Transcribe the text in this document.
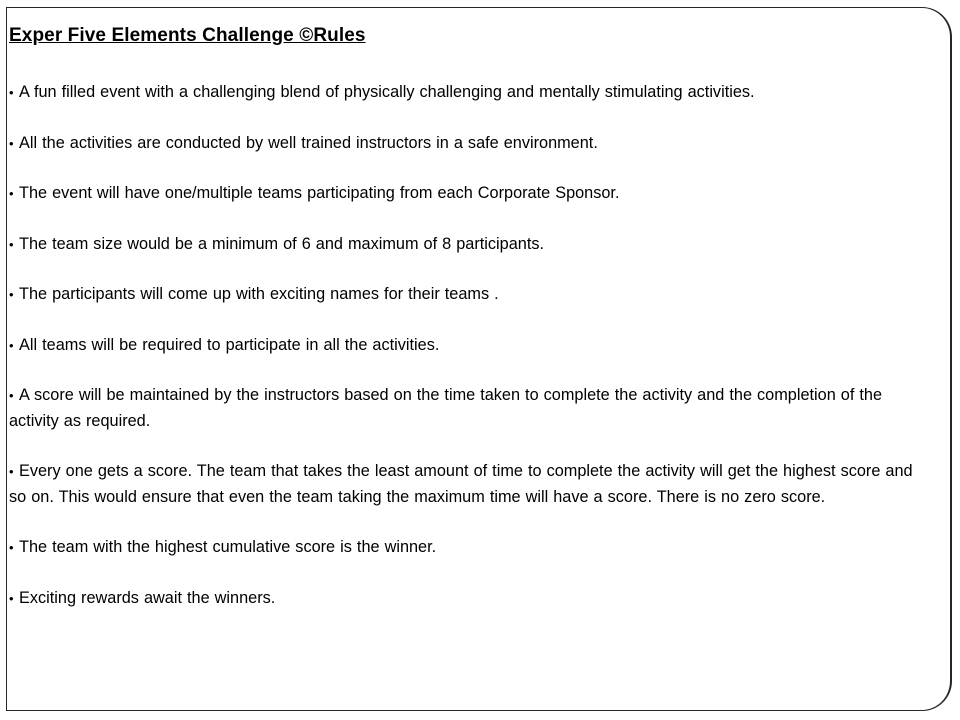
Exper Five Elements Challenge ©Rules
• A fun filled event with a challenging blend of physically challenging and mentally stimulating activities.
• All the activities are conducted by well trained instructors in a safe environment.
• The event will have one/multiple teams participating from each Corporate Sponsor.
• The team size would be a minimum of 6 and maximum of 8 participants.
• The participants will come up with exciting names for their teams .
• All teams will be required to participate in all the activities.
• A score will be maintained by the instructors based on the time taken to complete the activity and the completion of the activity as required.
• Every one gets a score. The team that takes the least amount of time to complete the activity will get the highest score and so on. This would ensure that even the team taking the maximum time will have a score. There is no zero score.
• The team with the highest cumulative score is the winner.
• Exciting rewards await the winners.
